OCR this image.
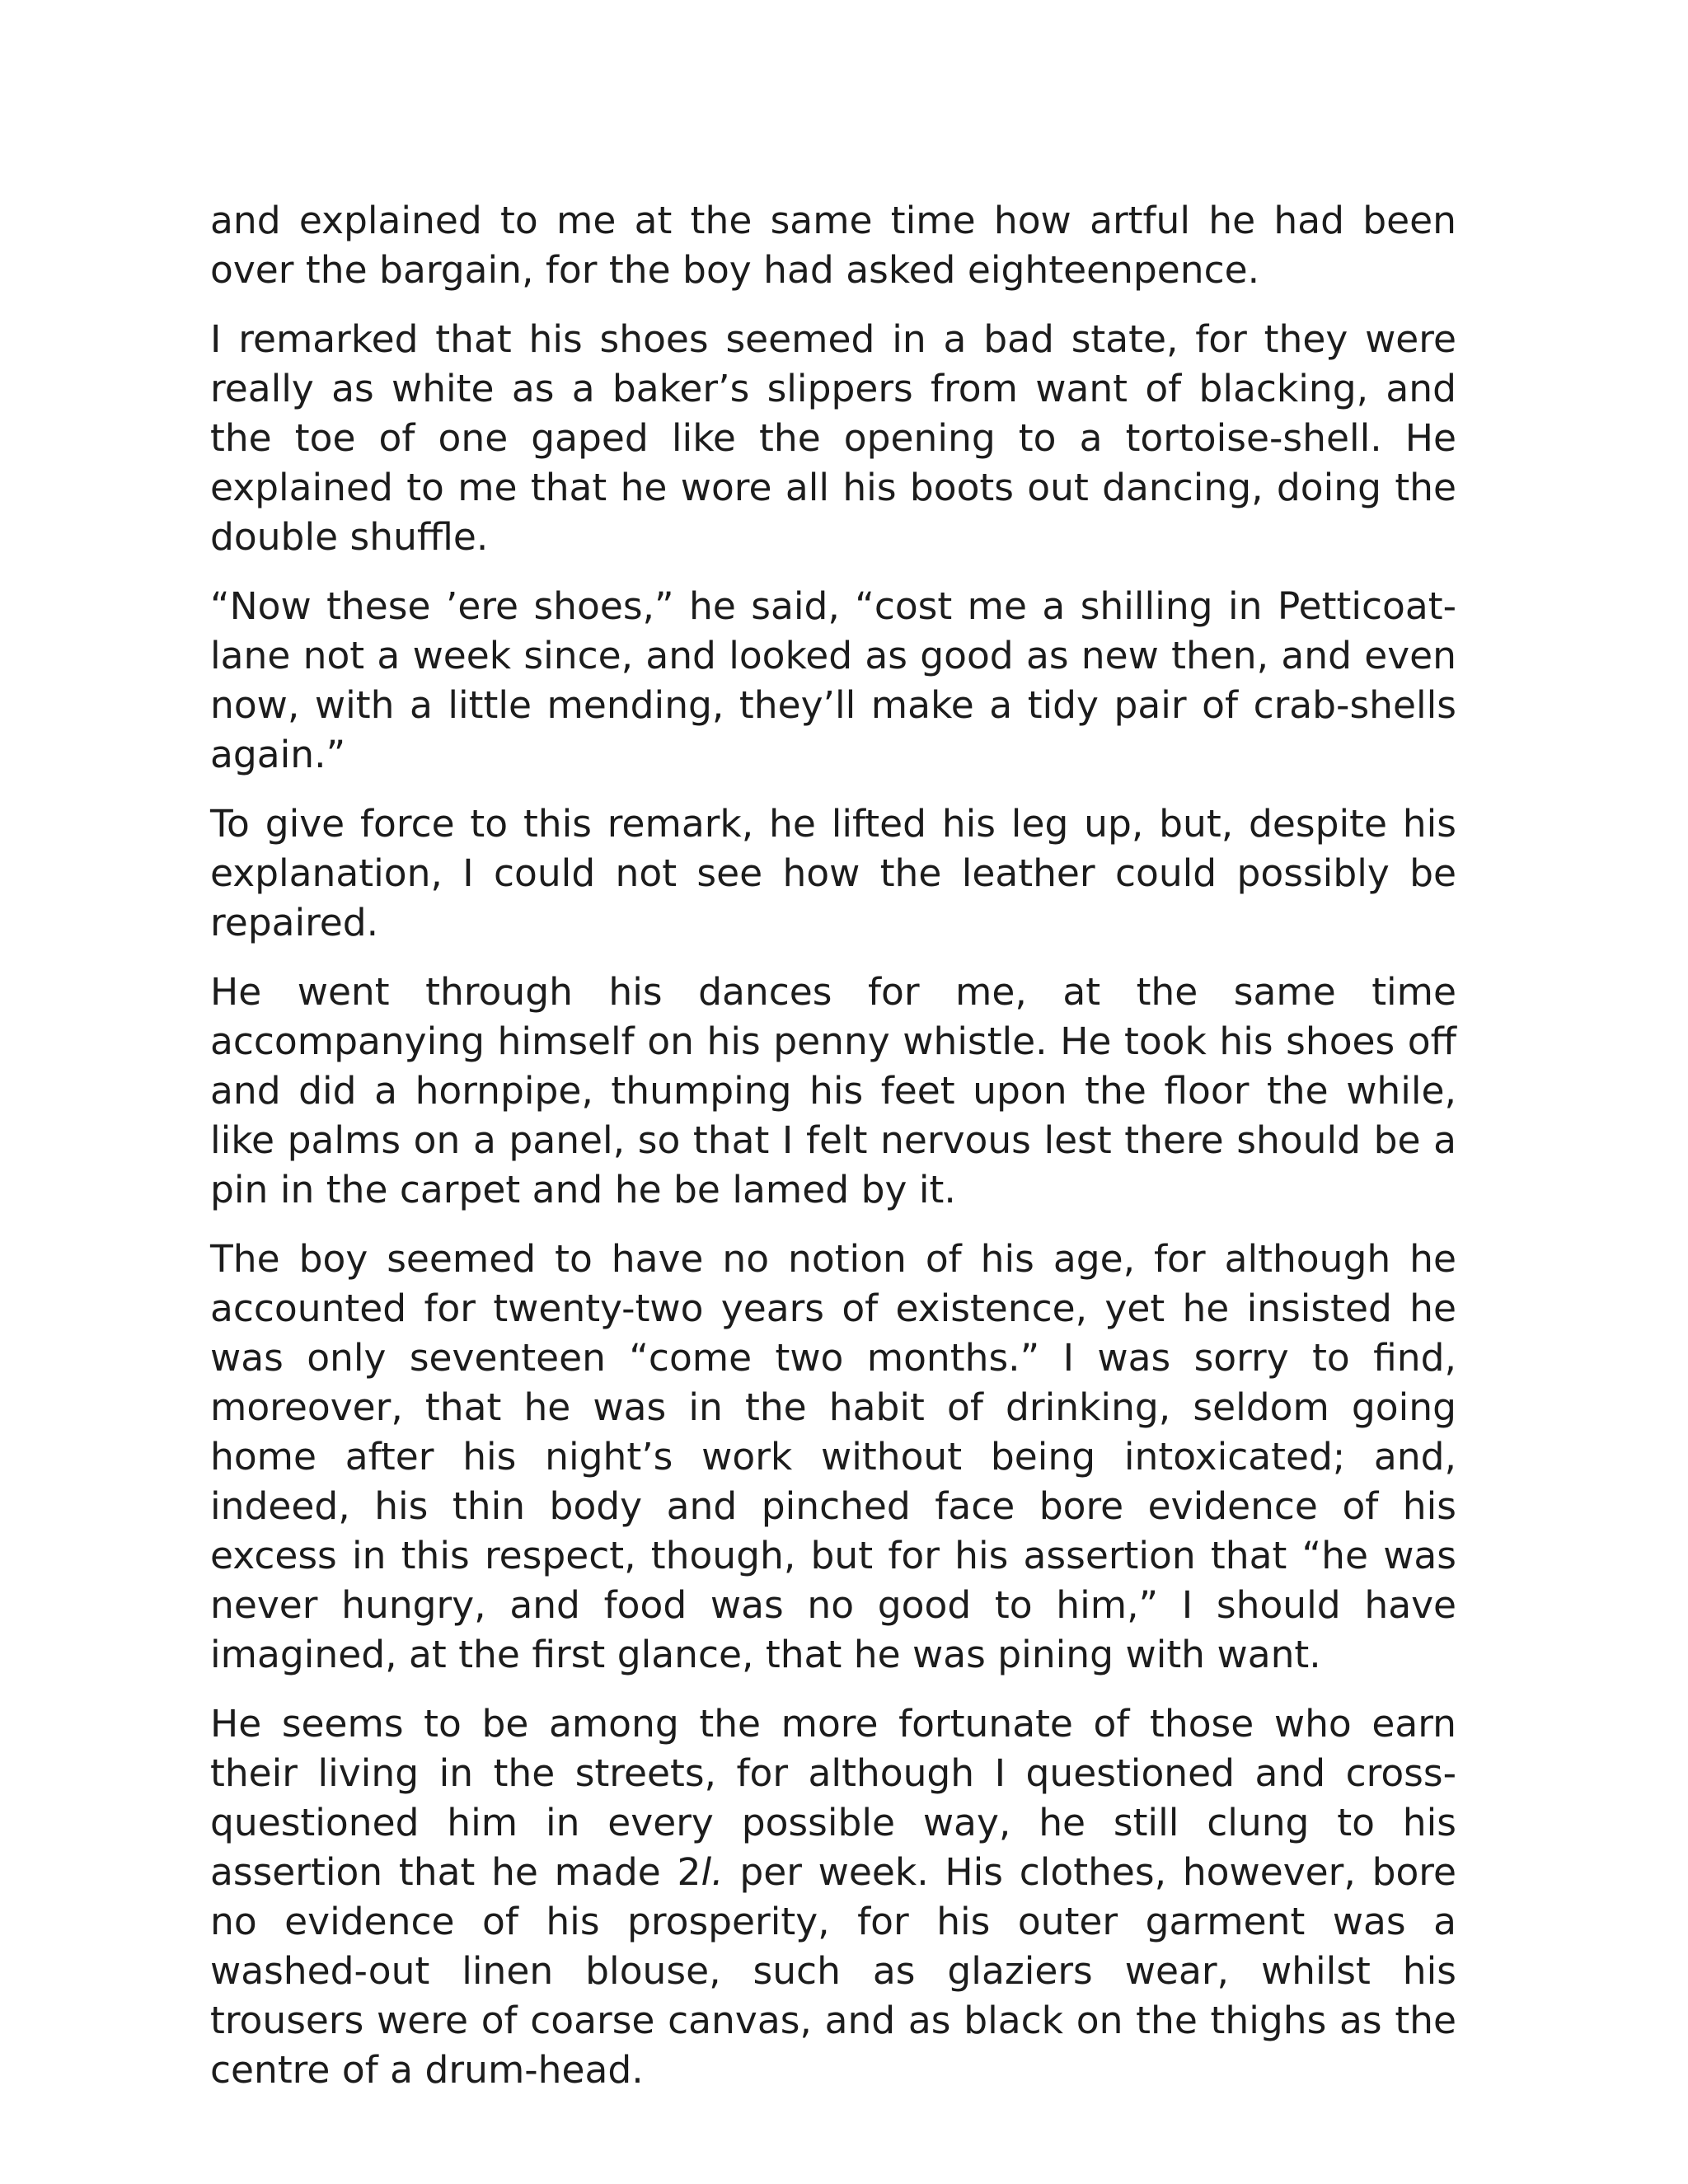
and explained to me at the same time how artful he had been over the bargain, for the boy had asked eighteenpence.

I remarked that his shoes seemed in a bad state, for they were really as white as a baker’s slippers from want of blacking, and the toe of one gaped like the opening to a tortoise-shell. He explained to me that he wore all his boots out dancing, doing the double shuffle.

“Now these ’ere shoes,” he said, “cost me a shilling in Petticoat-lane not a week since, and looked as good as new then, and even now, with a little mending, they’ll make a tidy pair of crab-shells again.”

To give force to this remark, he lifted his leg up, but, despite his explanation, I could not see how the leather could possibly be repaired.

He went through his dances for me, at the same time accompanying himself on his penny whistle. He took his shoes off and did a hornpipe, thumping his feet upon the floor the while, like palms on a panel, so that I felt nervous lest there should be a pin in the carpet and he be lamed by it.

The boy seemed to have no notion of his age, for although he accounted for twenty-two years of existence, yet he insisted he was only seventeen “come two months.” I was sorry to find, moreover, that he was in the habit of drinking, seldom going home after his night’s work without being intoxicated; and, indeed, his thin body and pinched face bore evidence of his excess in this respect, though, but for his assertion that “he was never hungry, and food was no good to him,” I should have imagined, at the first glance, that he was pining with want.

He seems to be among the more fortunate of those who earn their living in the streets, for although I questioned and cross-questioned him in every possible way, he still clung to his assertion that he made 2l. per week. His clothes, however, bore no evidence of his prosperity, for his outer garment was a washed-out linen blouse, such as glaziers wear, whilst his trousers were of coarse canvas, and as black on the thighs as the centre of a drum-head.
